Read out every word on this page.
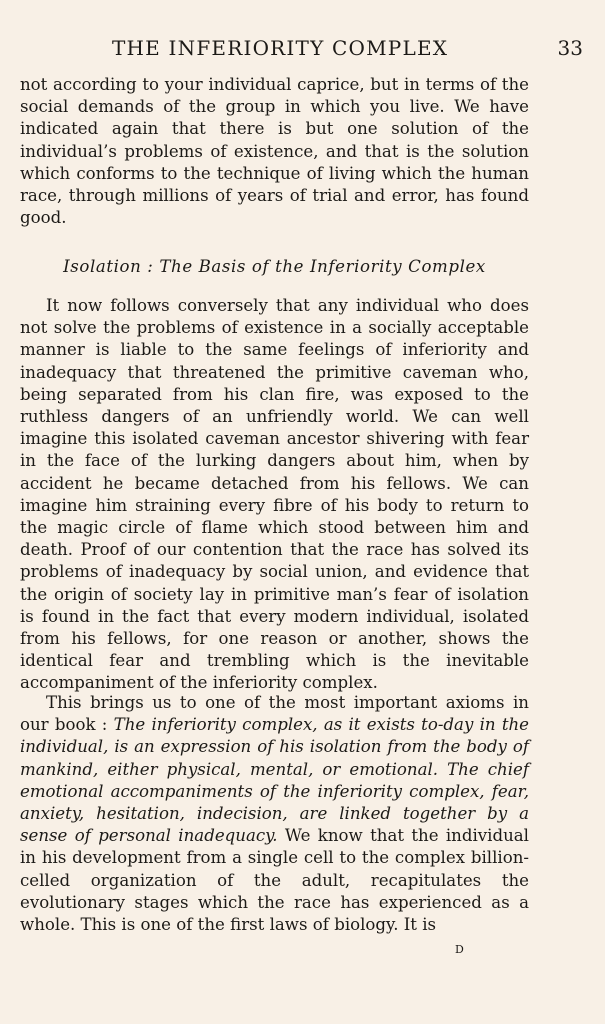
THE INFERIORITY COMPLEX	33

not according to your individual caprice, but in terms of the social demands of the group in which you live. We have indicated again that there is but one solution of the individual’s problems of existence, and that is the solution which conforms to the technique of living which the human race, through millions of years of trial and error, has found good.

Isolation : The Basis of the Inferiority Complex

It now follows conversely that any individual who does not solve the problems of existence in a socially acceptable manner is liable to the same feelings of inferiority and inadequacy that threatened the primitive caveman who, being separated from his clan fire, was exposed to the ruthless dangers of an unfriendly world. We can well imagine this isolated caveman ancestor shivering with fear in the face of the lurking dangers about him, when by accident he became detached from his fellows. We can imagine him straining every fibre of his body to return to the magic circle of flame which stood between him and death. Proof of our contention that the race has solved its problems of inadequacy by social union, and evidence that the origin of society lay in primitive man’s fear of isolation is found in the fact that every modern individual, isolated from his fellows, for one reason or another, shows the identical fear and trembling which is the inevitable accompaniment of the inferiority complex.

This brings us to one of the most important axioms in our book : The inferiority complex, as it exists to-day in the individual, is an expression of his isolation from the body of mankind, either physical, mental, or emotional. The chief emotional accompaniments of the inferiority complex, fear, anxiety, hesitation, indecision, are linked together by a sense of personal inadequacy. We know that the individual in his development from a single cell to the complex billion-celled organization of the adult, recapitulates the evolutionary stages which the race has experienced as a whole. This is one of the first laws of biology. It is

D
